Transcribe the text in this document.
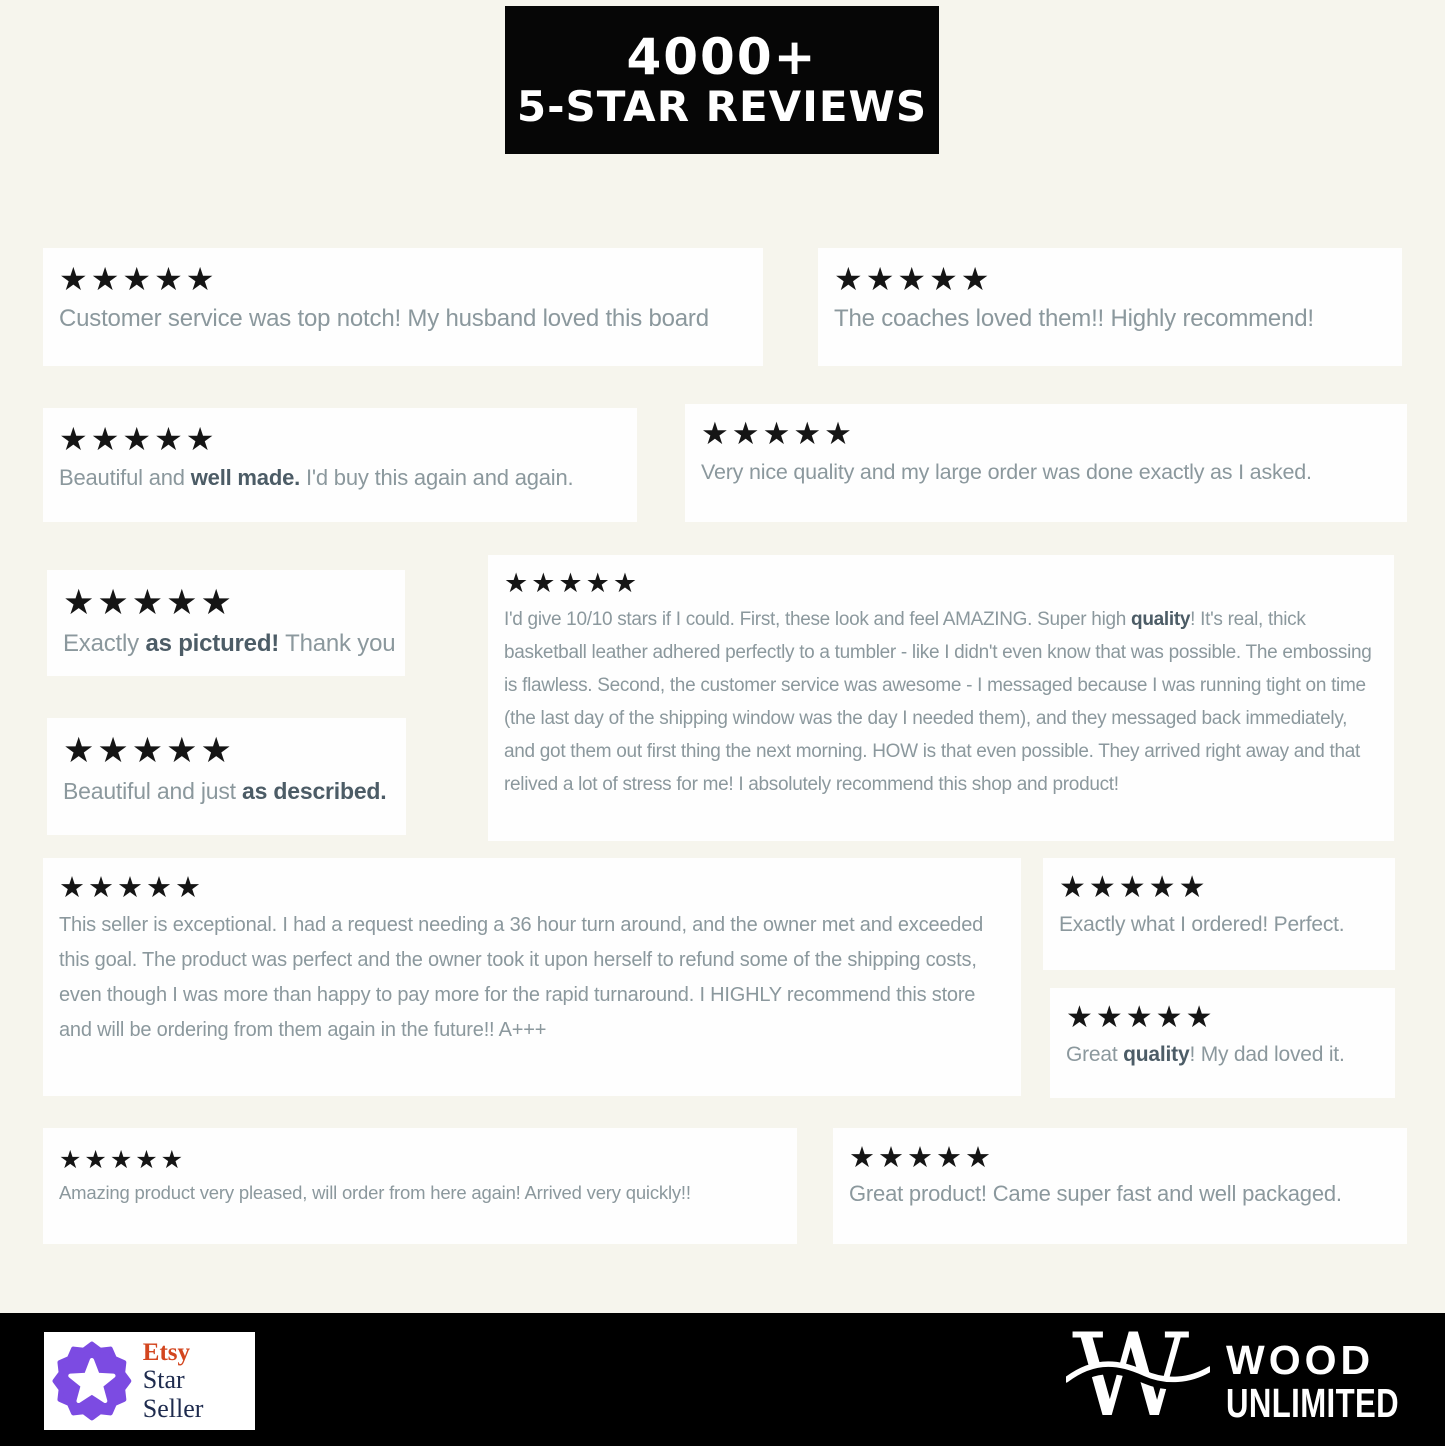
4000+
5-STAR REVIEWS
★★★★★

Customer service was top notch! My husband loved this board

★★★★★

The coaches loved them!! Highly recommend!

★★★★★

Beautiful and well made. I'd buy this again and again.

★★★★★

Very nice quality and my large order was done exactly as I asked.

★★★★★

Exactly as pictured! Thank you

★★★★★

Beautiful and just as described.

★★★★★

I'd give 10/10 stars if I could. First, these look and feel AMAZING. Super high quality! It's real, thick basketball leather adhered perfectly to a tumbler - like I didn't even know that was possible. The embossing is flawless. Second, the customer service was awesome - I messaged because I was running tight on time (the last day of the shipping window was the day I needed them), and they messaged back immediately, and got them out first thing the next morning. HOW is that even possible. They arrived right away and that relived a lot of stress for me! I absolutely recommend this shop and product!

★★★★★

This seller is exceptional. I had a request needing a 36 hour turn around, and the owner met and exceeded this goal. The product was perfect and the owner took it upon herself to refund some of the shipping costs, even though I was more than happy to pay more for the rapid turnaround. I HIGHLY recommend this store and will be ordering from them again in the future!! A+++

★★★★★

Exactly what I ordered! Perfect.

★★★★★

Great quality! My dad loved it.

★★★★★

Amazing product very pleased, will order from here again! Arrived very quickly!!

★★★★★

Great product! Came super fast and well packaged.

Etsy
Star Seller	W WOOD
UNLIMITED
